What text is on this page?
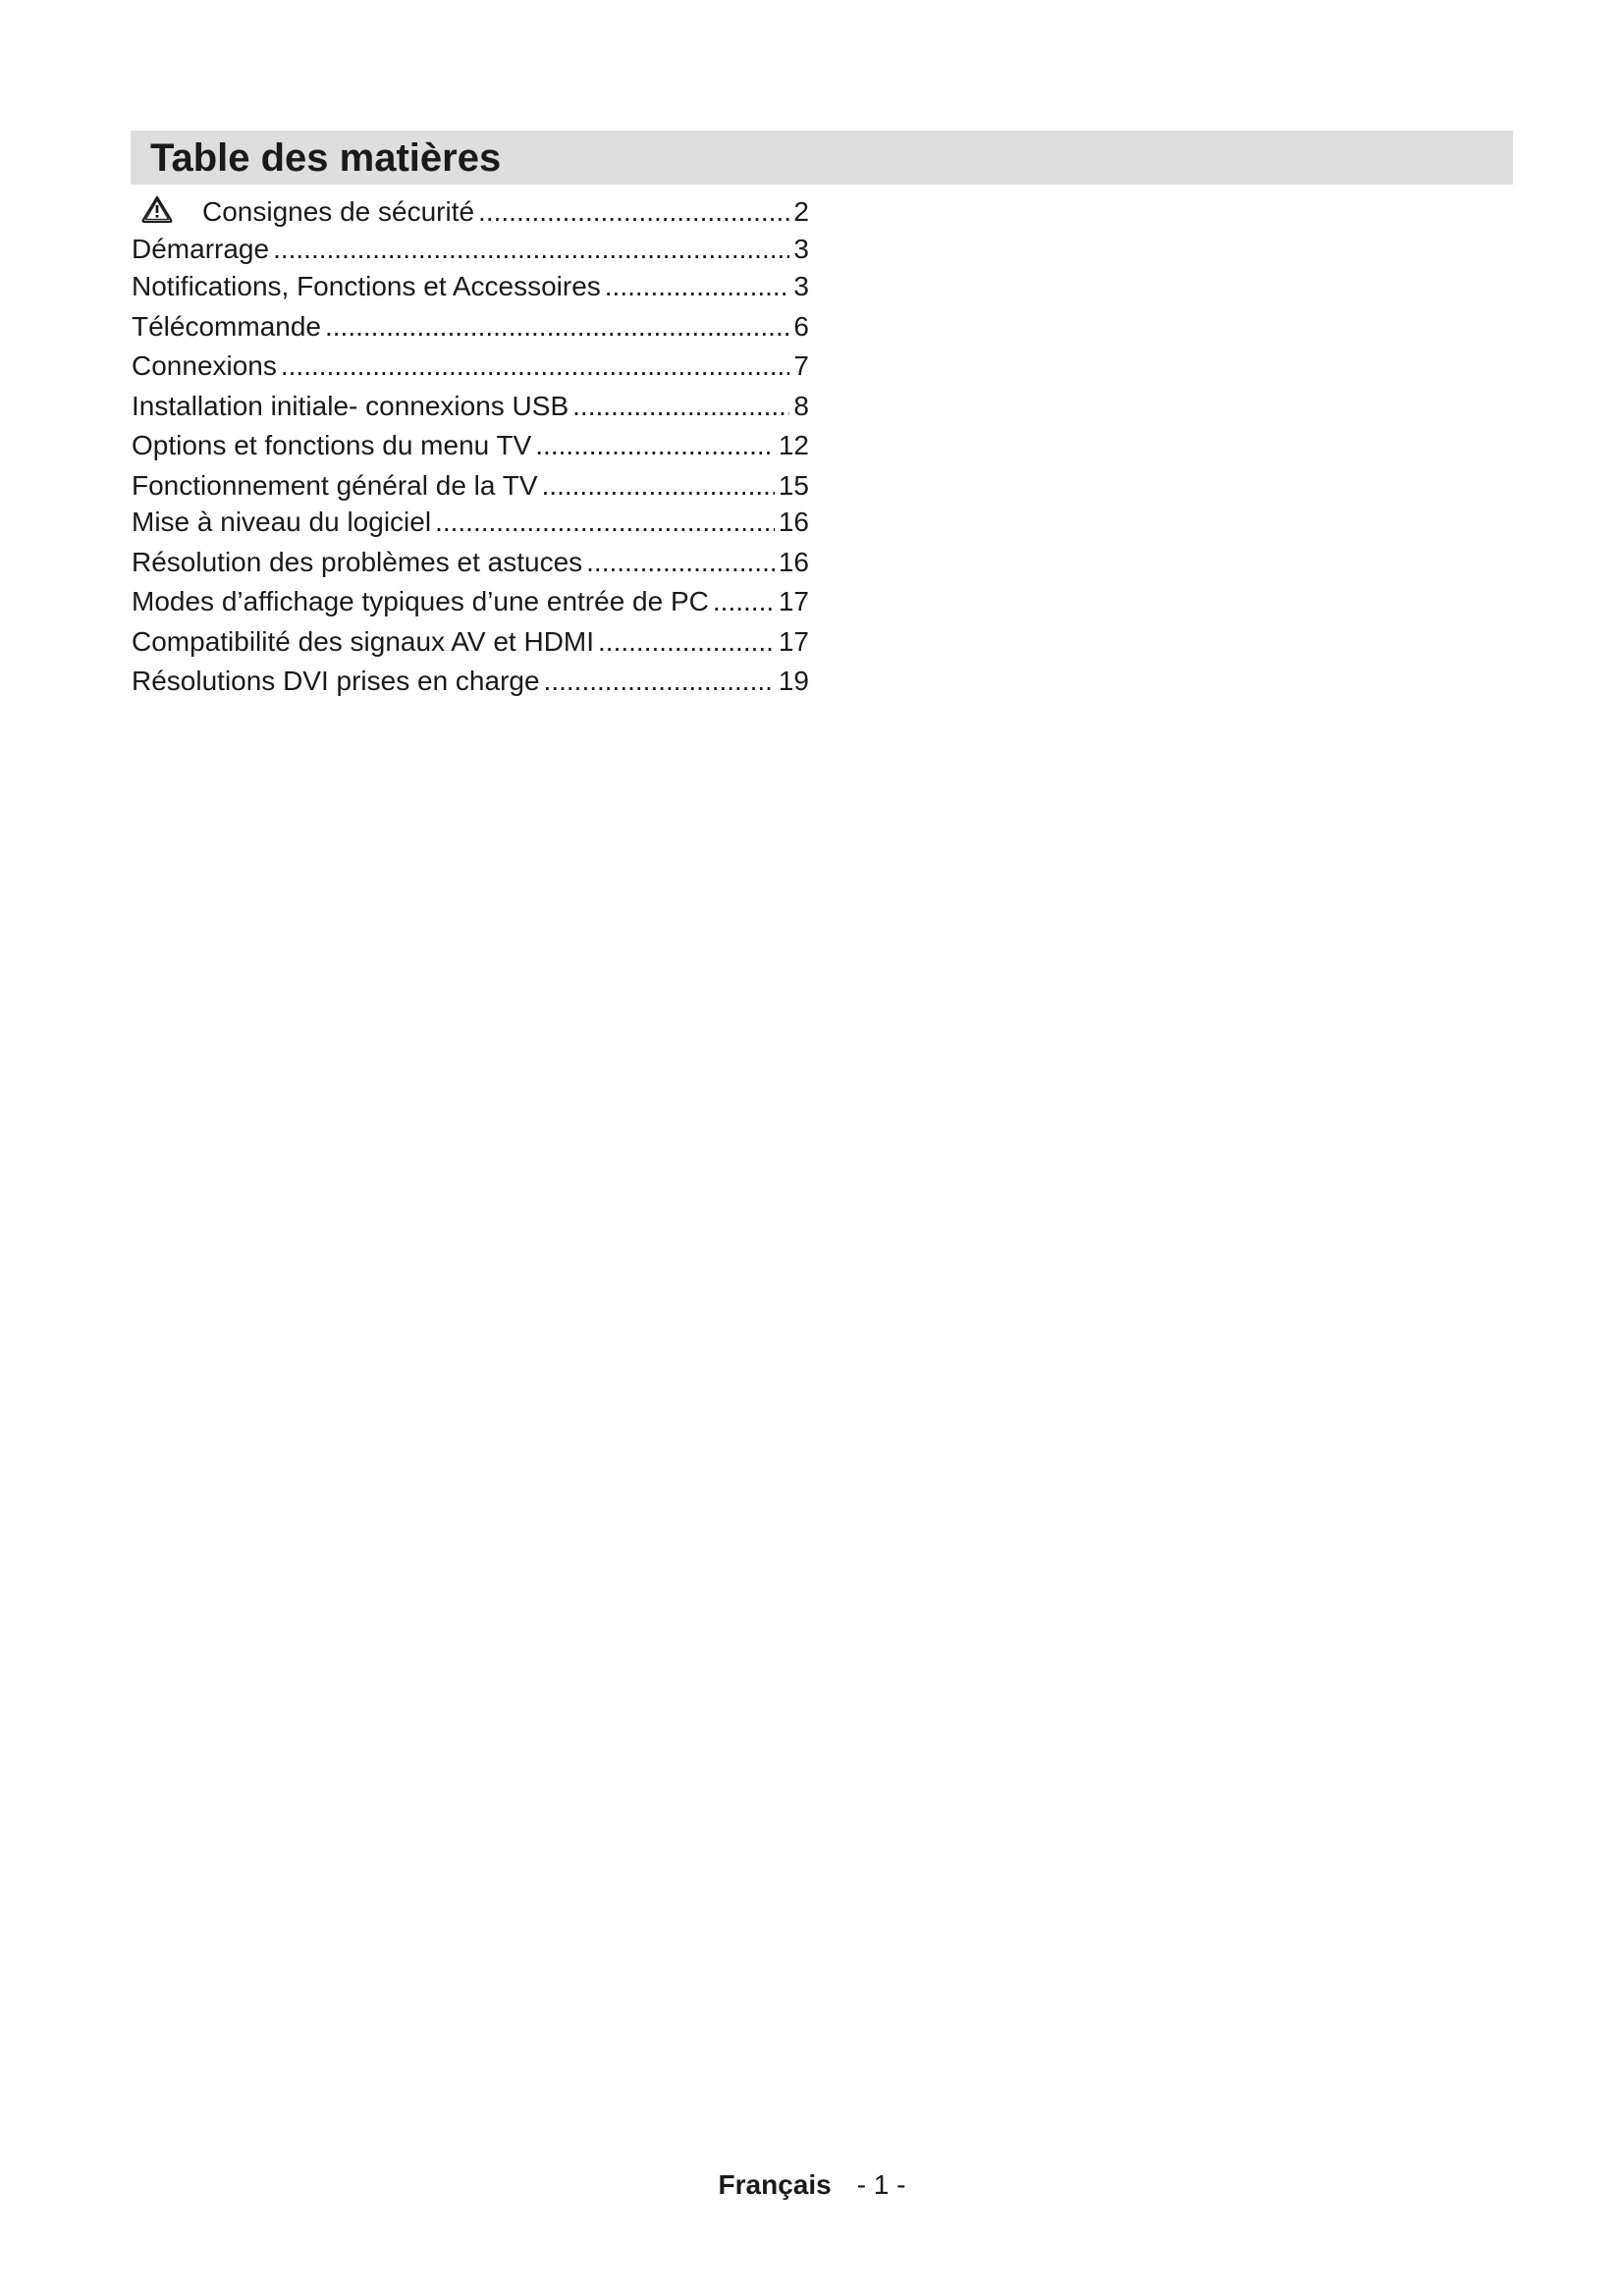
Table des matières
Consignes de sécurité .....	2
Démarrage .....	3
Notifications, Fonctions et Accessoires .....	3
Télécommande .....	6
Connexions .....	7
Installation initiale- connexions USB .....	8
Options et fonctions du menu TV .....	12
Fonctionnement général de la TV .....	15
Mise à niveau du logiciel .....	16
Résolution des problèmes et astuces .....	16
Modes d’affichage typiques d’une entrée de PC .....	17
Compatibilité des signaux AV et HDMI .....	17
Résolutions DVI prises en charge .....	19
Français - 1 -
